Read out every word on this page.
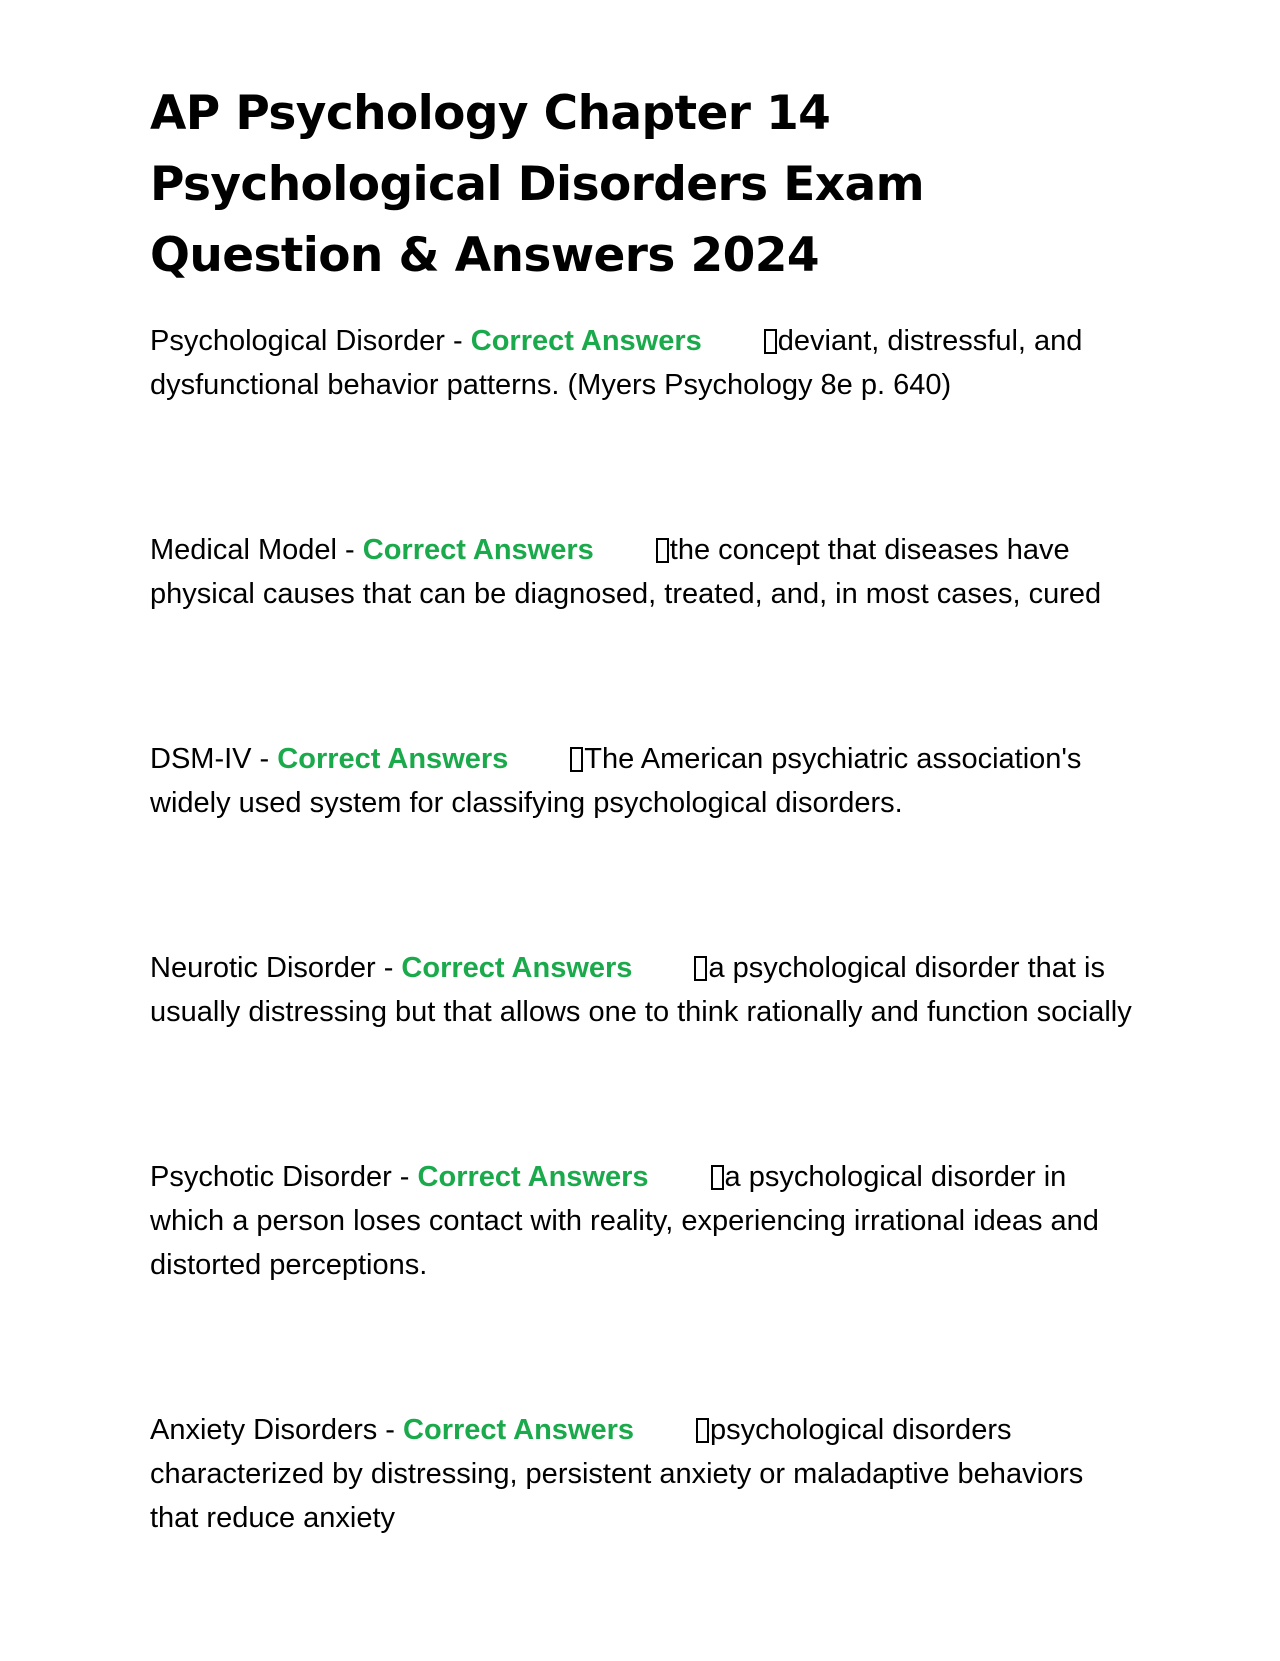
AP Psychology Chapter 14 Psychological Disorders Exam Question & Answers 2024

Psychological Disorder - Correct Answers	deviant, distressful, and dysfunctional behavior patterns. (Myers Psychology 8e p. 640)

Medical Model - Correct Answers	the concept that diseases have physical causes that can be diagnosed, treated, and, in most cases, cured

DSM-IV - Correct Answers	The American psychiatric association's widely used system for classifying psychological disorders.

Neurotic Disorder - Correct Answers	a psychological disorder that is usually distressing but that allows one to think rationally and function socially

Psychotic Disorder - Correct Answers	a psychological disorder in which a person loses contact with reality, experiencing irrational ideas and distorted perceptions.

Anxiety Disorders - Correct Answers	psychological disorders characterized by distressing, persistent anxiety or maladaptive behaviors that reduce anxiety
